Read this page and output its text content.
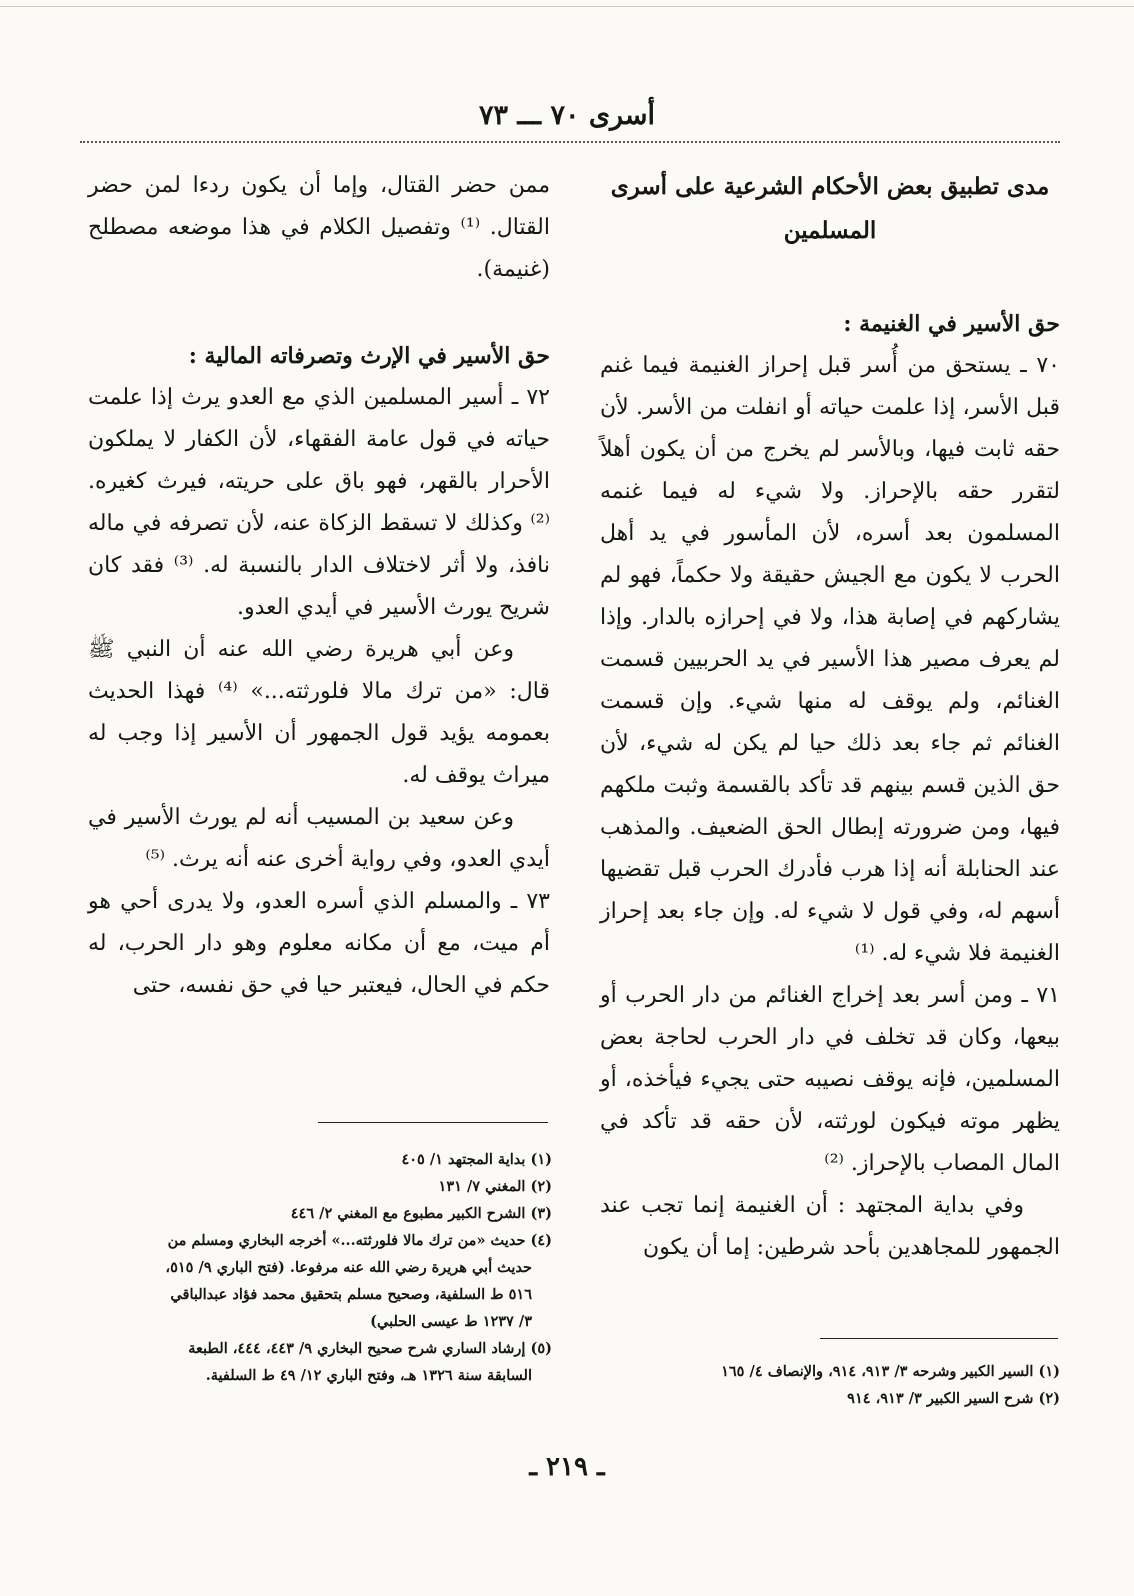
أسرى ٧٠ ـــ ٧٣
مدى تطبيق بعض الأحكام الشرعية على أسرى المسلمين
حق الأسير في الغنيمة :

٧٠ ـ يستحق من أُسر قبل إحراز الغنيمة فيما غنم قبل الأسر، إذا علمت حياته أو انفلت من الأسر. لأن حقه ثابت فيها، وبالأسر لم يخرج من أن يكون أهلاً لتقرر حقه بالإحراز. ولا شيء له فيما غنمه المسلمون بعد أسره، لأن المأسور في يد أهل الحرب لا يكون مع الجيش حقيقة ولا حكماً، فهو لم يشاركهم في إصابة هذا، ولا في إحرازه بالدار. وإذا لم يعرف مصير هذا الأسير في يد الحربيين قسمت الغنائم، ولم يوقف له منها شيء. وإن قسمت الغنائم ثم جاء بعد ذلك حيا لم يكن له شيء، لأن حق الذين قسم بينهم قد تأكد بالقسمة وثبت ملكهم فيها، ومن ضرورته إبطال الحق الضعيف. والمذهب عند الحنابلة أنه إذا هرب فأدرك الحرب قبل تقضيها أسهم له، وفي قول لا شيء له. وإن جاء بعد إحراز الغنيمة فلا شيء له. ⁽¹⁾

٧١ ـ ومن أسر بعد إخراج الغنائم من دار الحرب أو بيعها، وكان قد تخلف في دار الحرب لحاجة بعض المسلمين، فإنه يوقف نصيبه حتى يجيء فيأخذه، أو يظهر موته فيكون لورثته، لأن حقه قد تأكد في المال المصاب بالإحراز. ⁽²⁾

وفي بداية المجتهد : أن الغنيمة إنما تجب عند الجمهور للمجاهدين بأحد شرطين: إما أن يكون

ممن حضر القتال، وإما أن يكون ردءا لمن حضر القتال. ⁽¹⁾ وتفصيل الكلام في هذا موضعه مصطلح (غنيمة).

حق الأسير في الإرث وتصرفاته المالية :

٧٢ ـ أسير المسلمين الذي مع العدو يرث إذا علمت حياته في قول عامة الفقهاء، لأن الكفار لا يملكون الأحرار بالقهر، فهو باق على حريته، فيرث كغيره. ⁽²⁾ وكذلك لا تسقط الزكاة عنه، لأن تصرفه في ماله نافذ، ولا أثر لاختلاف الدار بالنسبة له. ⁽³⁾ فقد كان شريح يورث الأسير في أيدي العدو.

وعن أبي هريرة رضي الله عنه أن النبي ﷺ قال: «من ترك مالا فلورثته...» ⁽⁴⁾ فهذا الحديث بعمومه يؤيد قول الجمهور أن الأسير إذا وجب له ميراث يوقف له.

وعن سعيد بن المسيب أنه لم يورث الأسير في أيدي العدو، وفي رواية أخرى عنه أنه يرث. ⁽⁵⁾

٧٣ ـ والمسلم الذي أسره العدو، ولا يدرى أحي هو أم ميت، مع أن مكانه معلوم وهو دار الحرب، له حكم في الحال، فيعتبر حيا في حق نفسه، حتى

(١) بداية المجتهد ١/ ٤٠٥

(٢) المغني ٧/ ١٣١

(٣) الشرح الكبير مطبوع مع المغني ٢/ ٤٤٦

(٤) حديث «من ترك مالا فلورثته...» أخرجه البخاري ومسلم من

حديث أبي هريرة رضي الله عنه مرفوعا. (فتح الباري ٩/ ٥١٥،

٥١٦ ط السلفية، وصحيح مسلم بتحقيق محمد فؤاد عبدالباقي

٣/ ١٢٣٧ ط عيسى الحلبي)

(٥) إرشاد الساري شرح صحيح البخاري ٩/ ٤٤٣، ٤٤٤، الطبعة

السابقة سنة ١٣٢٦ هـ، وفتح الباري ١٢/ ٤٩ ط السلفية.	(١) السير الكبير وشرحه ٣/ ٩١٣، ٩١٤، والإنصاف ٤/ ١٦٥

(٢) شرح السير الكبير ٣/ ٩١٣، ٩١٤

ـ ٢١٩ ـ
